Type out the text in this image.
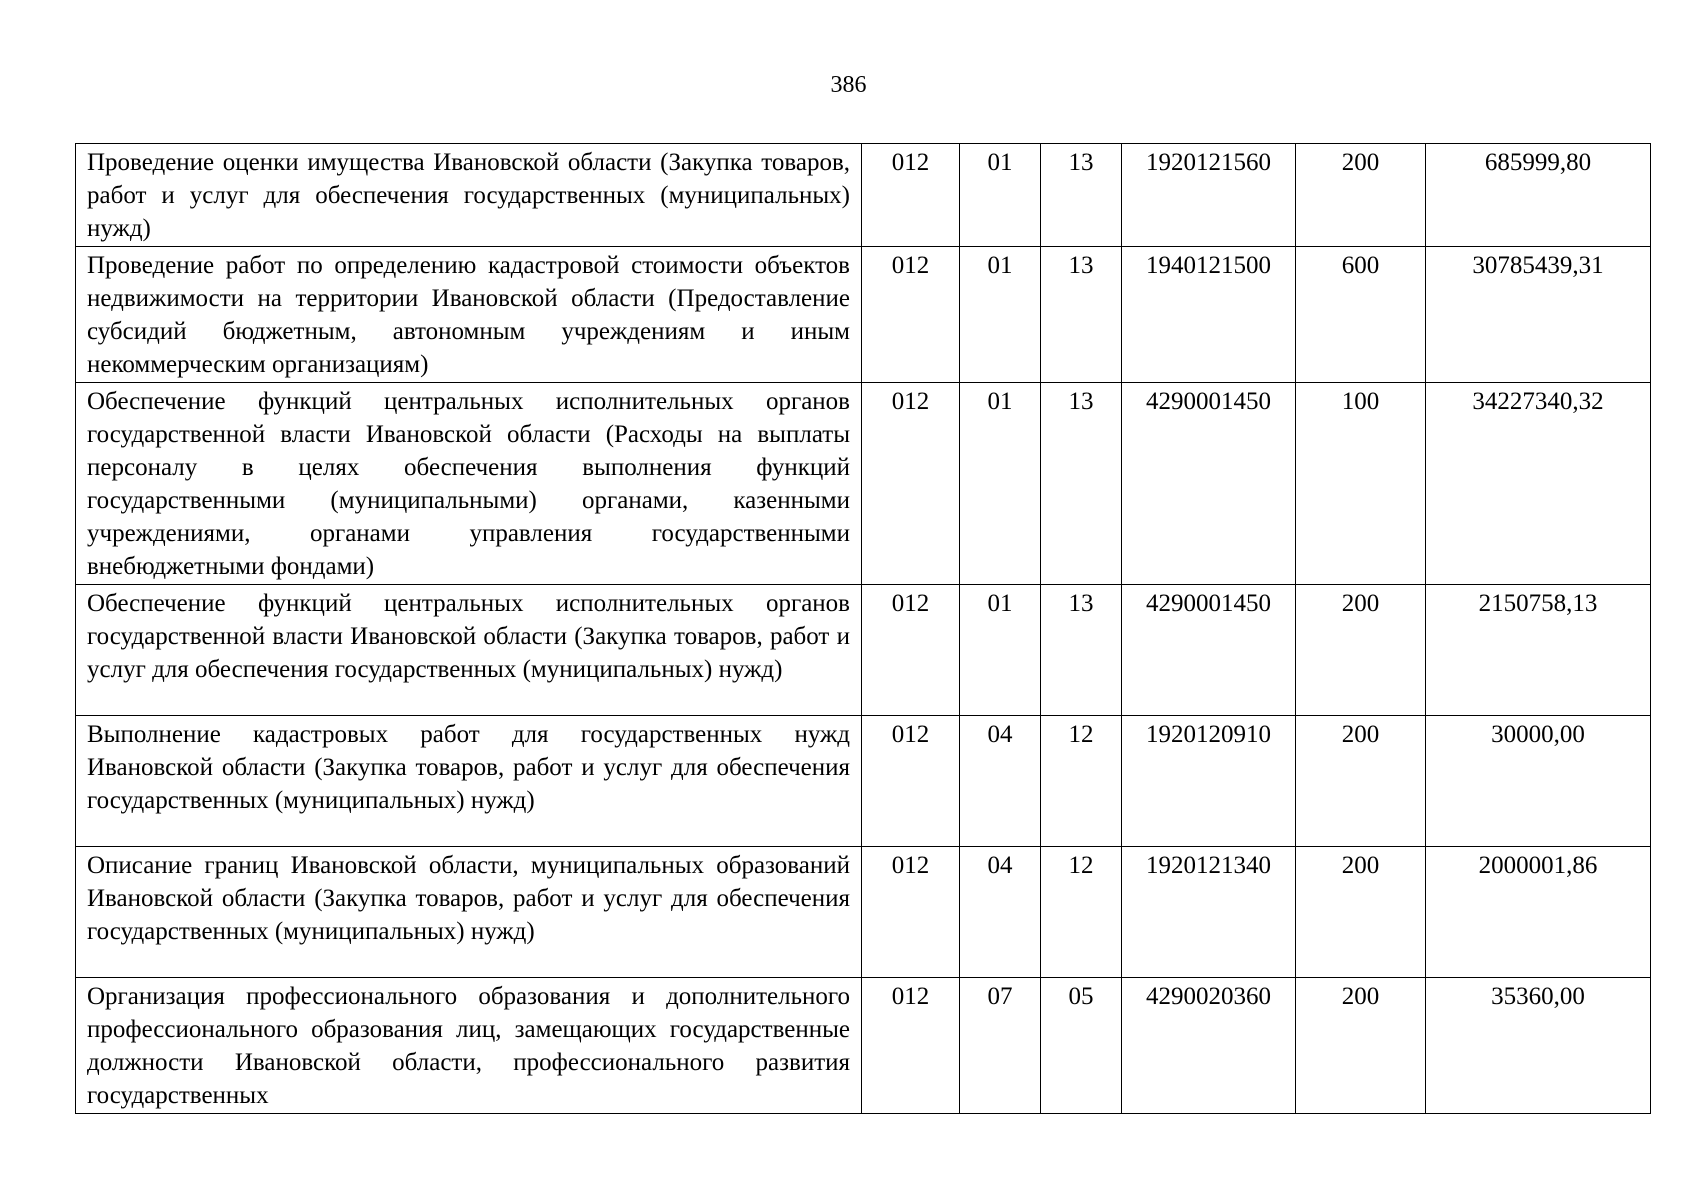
386
Проведение оценки имущества Ивановской области (Закупка товаров, работ и услуг для обеспечения государственных (муниципальных) нужд)	012	01	13	1920121560	200	685999,80
Проведение работ по определению кадастровой стоимости объектов недвижимости на территории Ивановской области (Предоставление субсидий бюджетным, автономным учреждениям и иным некоммерческим организациям)	012	01	13	1940121500	600	30785439,31
Обеспечение функций центральных исполнительных органов государственной власти Ивановской области (Расходы на выплаты персоналу в целях обеспечения выполнения функций государственными (муниципальными) органами, казенными учреждениями, органами управления государственными внебюджетными фондами)	012	01	13	4290001450	100	34227340,32
Обеспечение функций центральных исполнительных органов государственной власти Ивановской области (Закупка товаров, работ и услуг для обеспечения государственных (муниципальных) нужд)	012	01	13	4290001450	200	2150758,13
Выполнение кадастровых работ для государственных нужд Ивановской области (Закупка товаров, работ и услуг для обеспечения государственных (муниципальных) нужд)	012	04	12	1920120910	200	30000,00
Описание границ Ивановской области, муниципальных образований Ивановской области (Закупка товаров, работ и услуг для обеспечения государственных (муниципальных) нужд)	012	04	12	1920121340	200	2000001,86
Организация профессионального образования и дополнительного профессионального образования лиц, замещающих государственные должности Ивановской области, профессионального развития государственных	012	07	05	4290020360	200	35360,00
